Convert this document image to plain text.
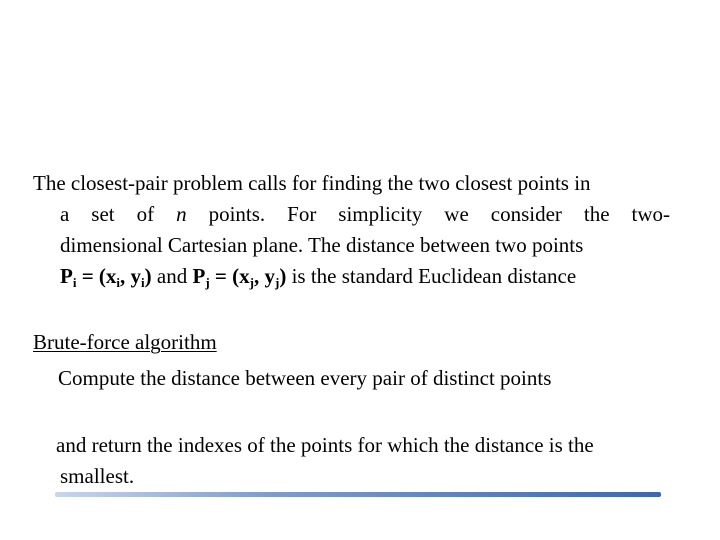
The closest-pair problem calls for finding the two closest points in
a set of n points. For simplicity we consider the two-
dimensional Cartesian plane. The distance between two points
$P_i = (x_i$, $y_i$) and $P_j = (x_j$, $y_j$) is the standard Euclidean distance
Brute-force algorithm
Compute the distance between every pair of distinct points
and return the indexes of the points for which the distance is the
smallest.
